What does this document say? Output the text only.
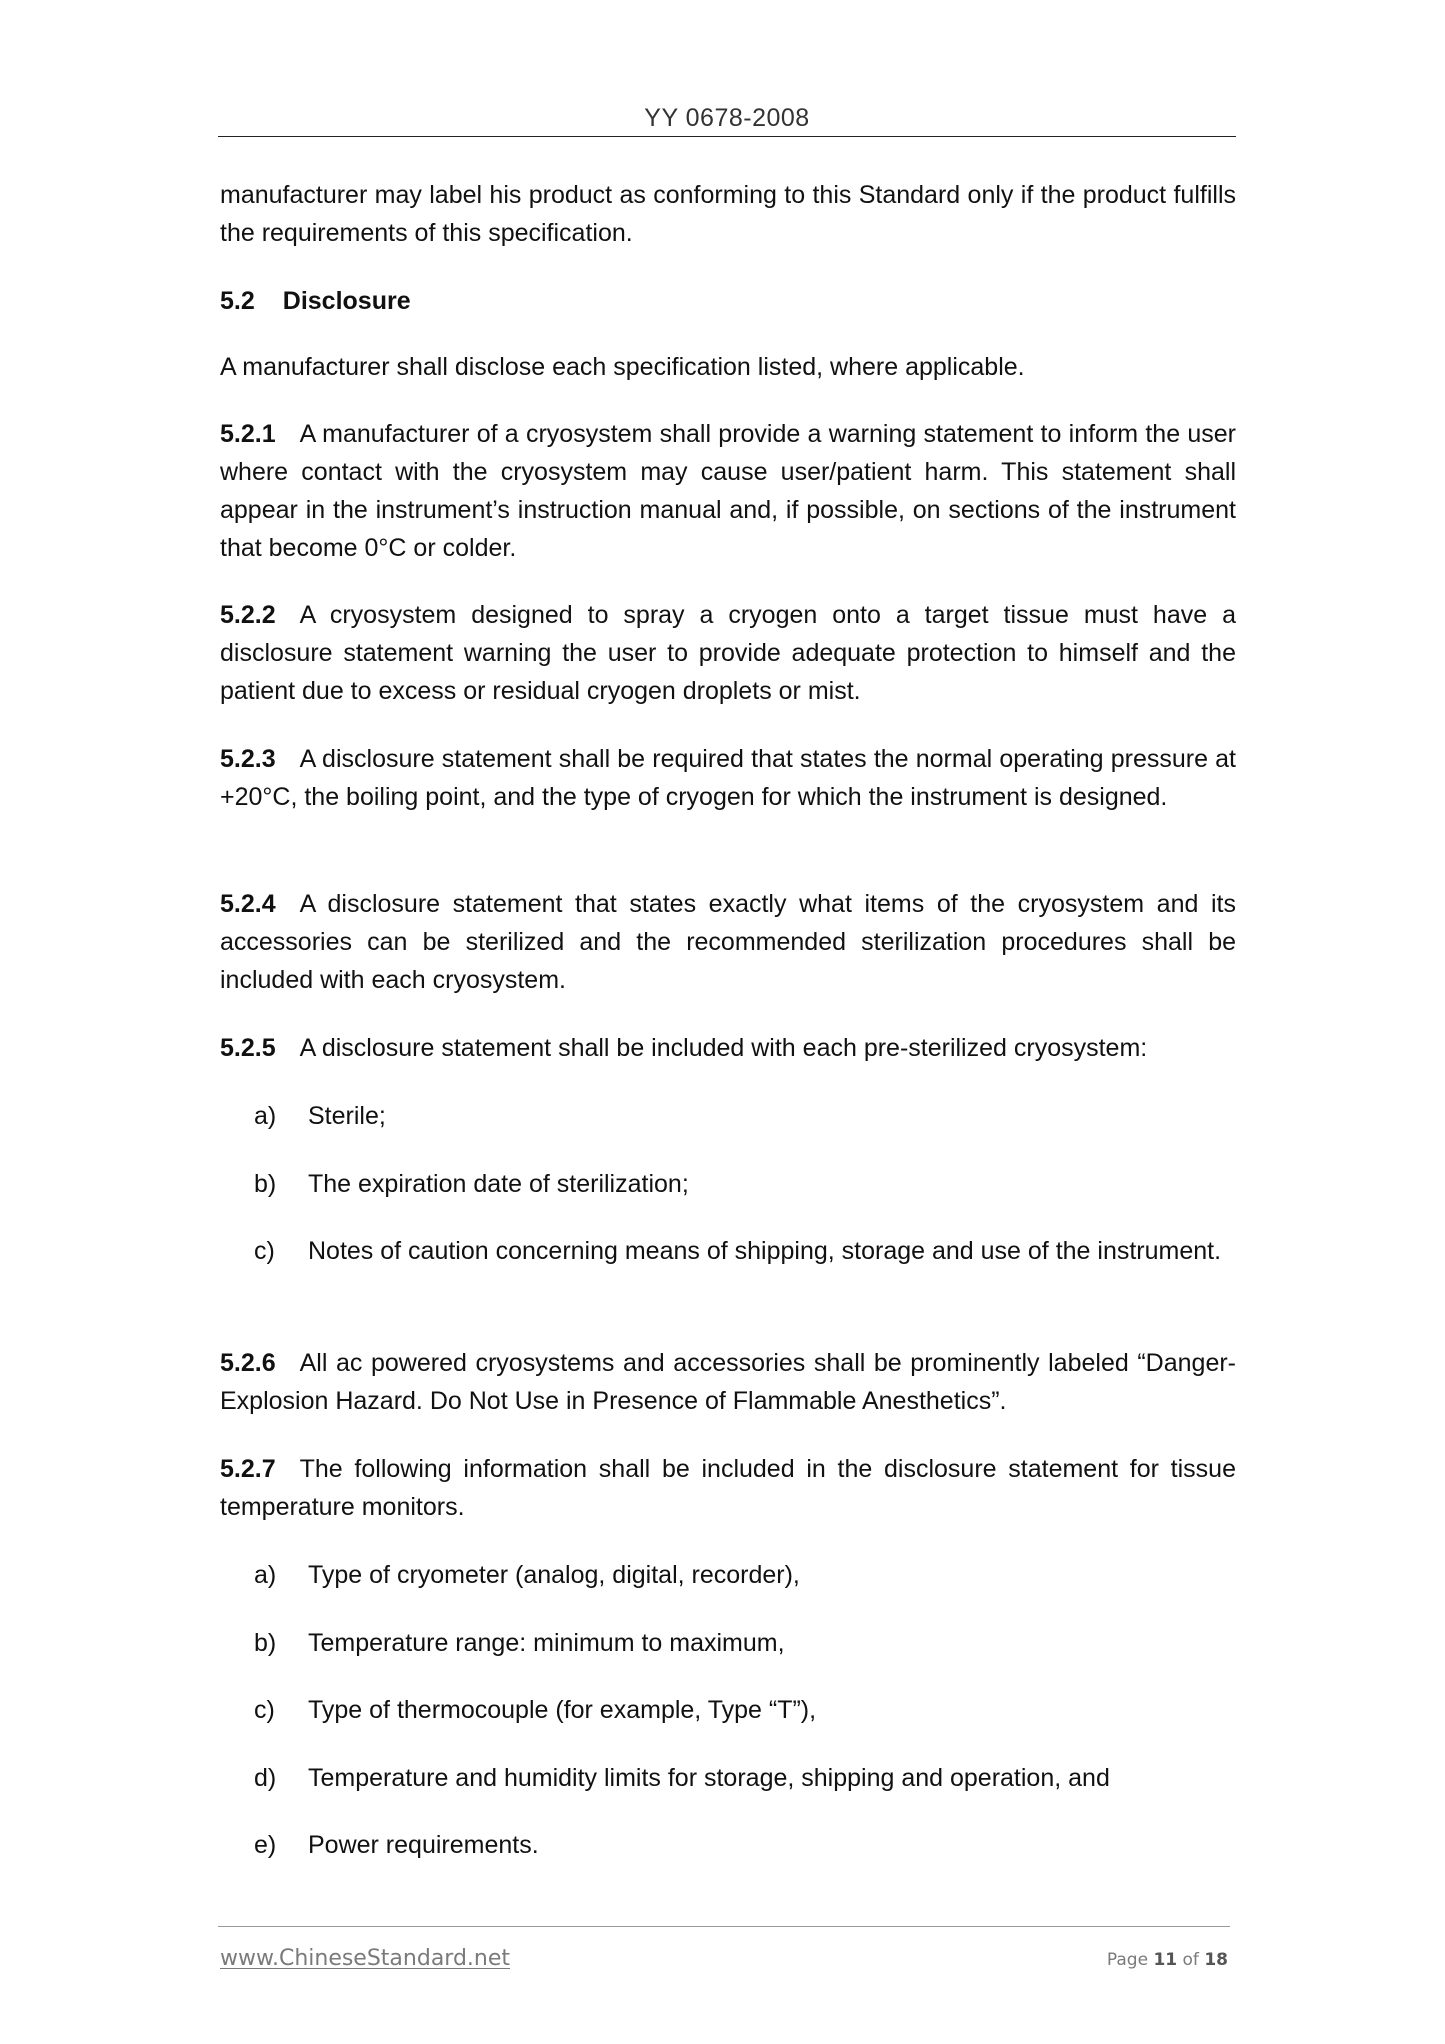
YY 0678-2008

manufacturer may label his product as conforming to this Standard only if the product fulfills the requirements of this specification.

5.2 Disclosure

A manufacturer shall disclose each specification listed, where applicable.

5.2.1 A manufacturer of a cryosystem shall provide a warning statement to inform the user where contact with the cryosystem may cause user/patient harm. This statement shall appear in the instrument’s instruction manual and, if possible, on sections of the instrument that become 0°C or colder.

5.2.2 A cryosystem designed to spray a cryogen onto a target tissue must have a disclosure statement warning the user to provide adequate protection to himself and the patient due to excess or residual cryogen droplets or mist.

5.2.3 A disclosure statement shall be required that states the normal operating pressure at +20°C, the boiling point, and the type of cryogen for which the instrument is designed.

5.2.4 A disclosure statement that states exactly what items of the cryosystem and its accessories can be sterilized and the recommended sterilization procedures shall be included with each cryosystem.

5.2.5 A disclosure statement shall be included with each pre-sterilized cryosystem:

a)	Sterile;
b)	The expiration date of sterilization;
c)	Notes of caution concerning means of shipping, storage and use of the instrument.

5.2.6 All ac powered cryosystems and accessories shall be prominently labeled “Danger-Explosion Hazard. Do Not Use in Presence of Flammable Anesthetics”.

5.2.7 The following information shall be included in the disclosure statement for tissue temperature monitors.

a)	Type of cryometer (analog, digital, recorder),
b)	Temperature range: minimum to maximum,
c)	Type of thermocouple (for example, Type “T”),
d)	Temperature and humidity limits for storage, shipping and operation, and
e)	Power requirements.
www.ChineseStandard.net	Page 11 of 18
